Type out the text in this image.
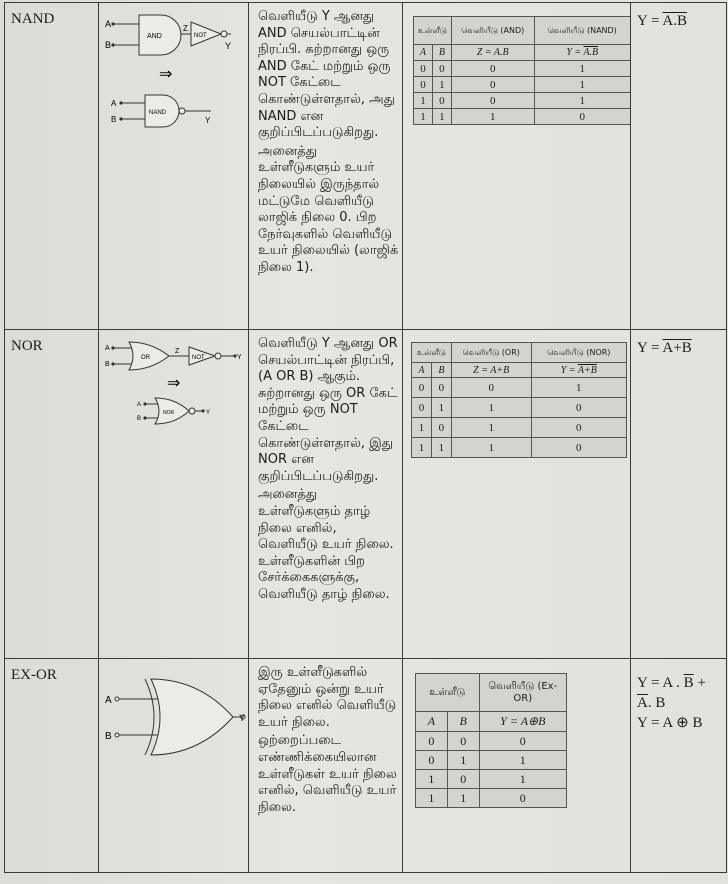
NAND	A
B
AND
Z
NOT
Y
⇒
A
B
NAND
Y

வெளியீடு Y ஆனது AND செயல்பாட்டின் நிரப்பி. சுற்றானது ஒரு AND கேட் மற்றும் ஒரு NOT கேட்டை கொண்டுள்ளதால், அது NAND என குறிப்பிடப்படுகிறது.

அனைத்து உள்ளீடுகளும் உயர் நிலையில் இருந்தால் மட்டுமே வெளியீடு லாஜிக் நிலை 0. பிற நேர்வுகளில் வெளியீடு உயர் நிலையில் (லாஜிக் நிலை 1).

உள்ளீடு	வெளியீடு (AND)	வெளியீடு (NAND)
A	B	Z = A.B	Y = A.B
0	0	0	1
0	1	0	1
1	0	0	1
1	1	1	0

Y = A.B

NOR	A
B
OR
Z
NOT	Y
⇒
A
B
NOR	Y

வெளியீடு Y ஆனது OR செயல்பாட்டின் நிரப்பி, (A OR B) ஆகும். சுற்றானது ஒரு OR கேட் மற்றும் ஒரு NOT கேட்டை கொண்டுள்ளதால், இது NOR என குறிப்பிடப்படுகிறது.

அனைத்து உள்ளீடுகளும் தாழ் நிலை எனில், வெளியீடு உயர் நிலை. உள்ளீடுகளின் பிற சேர்க்கைகளுக்கு, வெளியீடு தாழ் நிலை.

உள்ளீடு	வெளியீடு (OR)	வெளியீடு (NOR)
A	B	Z = A+B	Y = A+B
0	0	0	1
0	1	1	0
1	0	1	0
1	1	1	0

Y = A+B

EX-OR

A
B
Y

இரு உள்ளீடுகளில் ஏதேனும் ஒன்று உயர் நிலை எனில் வெளியீடு உயர் நிலை.

ஒற்றைப்படை எண்ணிக்கையிலான உள்ளீடுகள் உயர் நிலை எனில், வெளியீடு உயர் நிலை.

உள்ளீடு	வெளியீடு (Ex-OR)
A	B	Y = A⊕B
0	0	0
0	1	1
1	0	1
1	1	0

Y = A . $\overline{B}$ +
$\overline{A}$. B
Y = A ⊕ B
